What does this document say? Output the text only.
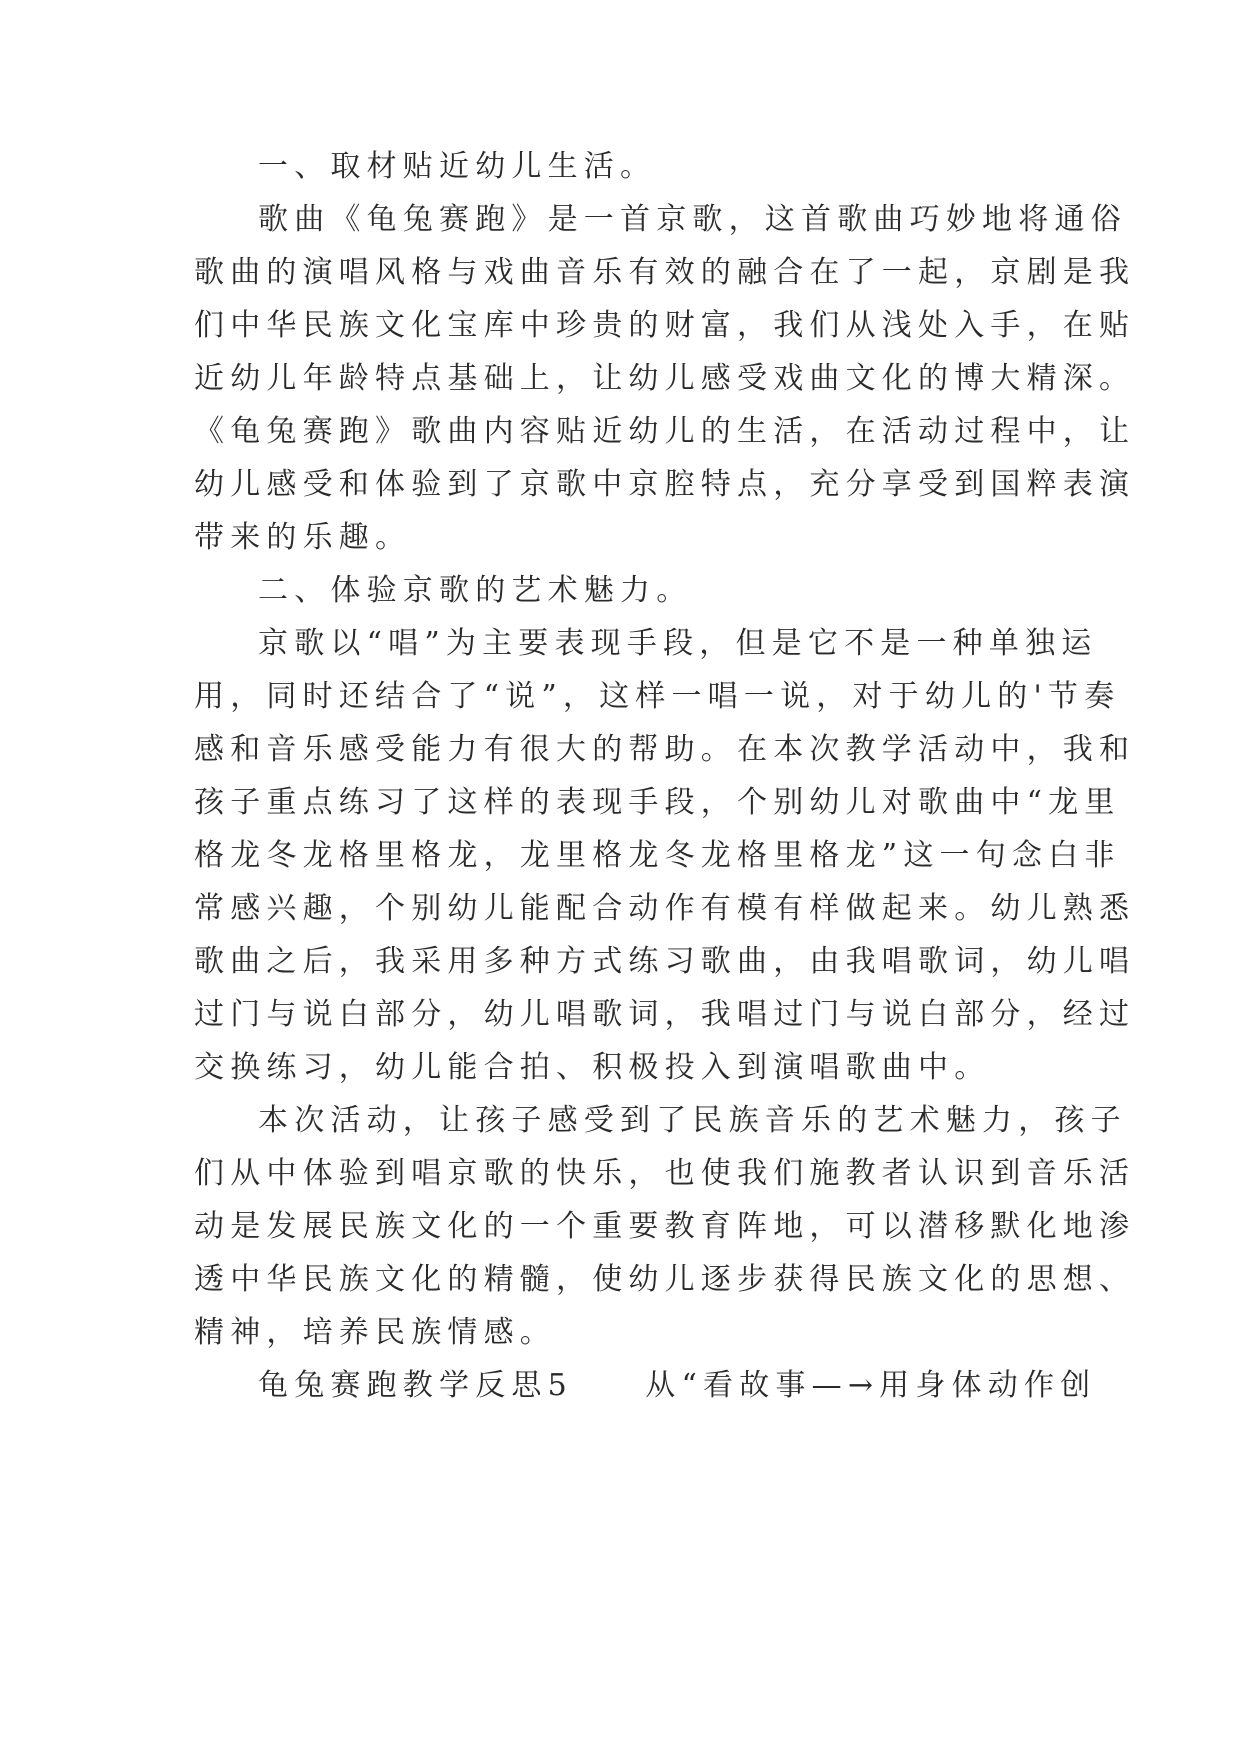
一、取材贴近幼儿生活。
歌曲《龟兔赛跑》是一首京歌，这首歌曲巧妙地将通俗
歌曲的演唱风格与戏曲音乐有效的融合在了一起，京剧是我
们中华民族文化宝库中珍贵的财富，我们从浅处入手，在贴
近幼儿年龄特点基础上，让幼儿感受戏曲文化的博大精深。
《龟兔赛跑》歌曲内容贴近幼儿的生活，在活动过程中，让
幼儿感受和体验到了京歌中京腔特点，充分享受到国粹表演
带来的乐趣。
二、体验京歌的艺术魅力。
京歌以“唱”为主要表现手段，但是它不是一种单独运
用，同时还结合了“说”，这样一唱一说，对于幼儿的'节奏
感和音乐感受能力有很大的帮助。在本次教学活动中，我和
孩子重点练习了这样的表现手段，个别幼儿对歌曲中“龙里
格龙冬龙格里格龙，龙里格龙冬龙格里格龙”这一句念白非
常感兴趣，个别幼儿能配合动作有模有样做起来。幼儿熟悉
歌曲之后，我采用多种方式练习歌曲，由我唱歌词，幼儿唱
过门与说白部分，幼儿唱歌词，我唱过门与说白部分，经过
交换练习，幼儿能合拍、积极投入到演唱歌曲中。
本次活动，让孩子感受到了民族音乐的艺术魅力，孩子
们从中体验到唱京歌的快乐，也使我们施教者认识到音乐活
动是发展民族文化的一个重要教育阵地，可以潜移默化地渗
透中华民族文化的精髓，使幼儿逐步获得民族文化的思想、
精神，培养民族情感。
龟兔赛跑教学反思5　　从“看故事—→用身体动作创
